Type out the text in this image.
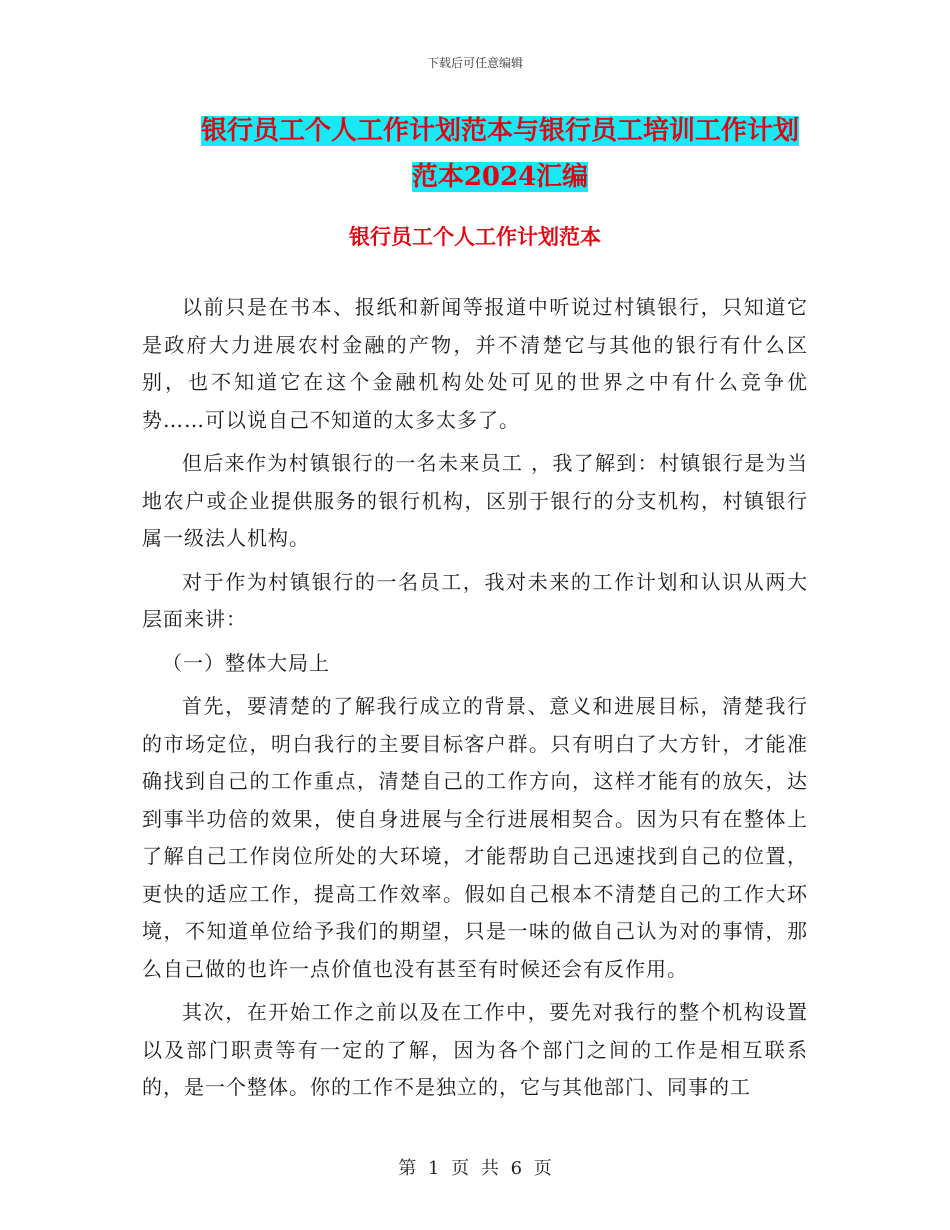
下载后可任意编辑
银行员工个人工作计划范本与银行员工培训工作计划
范本2024汇编
银行员工个人工作计划范本

以前只是在书本、报纸和新闻等报道中听说过村镇银行，只知道它是政府大力进展农村金融的产物，并不清楚它与其他的银行有什么区别，也不知道它在这个金融机构处处可见的世界之中有什么竞争优势……可以说自己不知道的太多太多了。

但后来作为村镇银行的一名未来员工 ，我了解到：村镇银行是为当地农户或企业提供服务的银行机构，区别于银行的分支机构，村镇银行属一级法人机构。

对于作为村镇银行的一名员工，我对未来的工作计划和认识从两大层面来讲：

（一）整体大局上

首先，要清楚的了解我行成立的背景、意义和进展目标，清楚我行的市场定位，明白我行的主要目标客户群。只有明白了大方针，才能准确找到自己的工作重点，清楚自己的工作方向，这样才能有的放矢，达到事半功倍的效果，使自身进展与全行进展相契合。因为只有在整体上了解自己工作岗位所处的大环境，才能帮助自己迅速找到自己的位置，更快的适应工作，提高工作效率。假如自己根本不清楚自己的工作大环境，不知道单位给予我们的期望，只是一味的做自己认为对的事情，那么自己做的也许一点价值也没有甚至有时候还会有反作用。

其次，在开始工作之前以及在工作中，要先对我行的整个机构设置以及部门职责等有一定的了解，因为各个部门之间的工作是相互联系的，是一个整体。你的工作不是独立的，它与其他部门、同事的工

第 1 页 共 6 页
